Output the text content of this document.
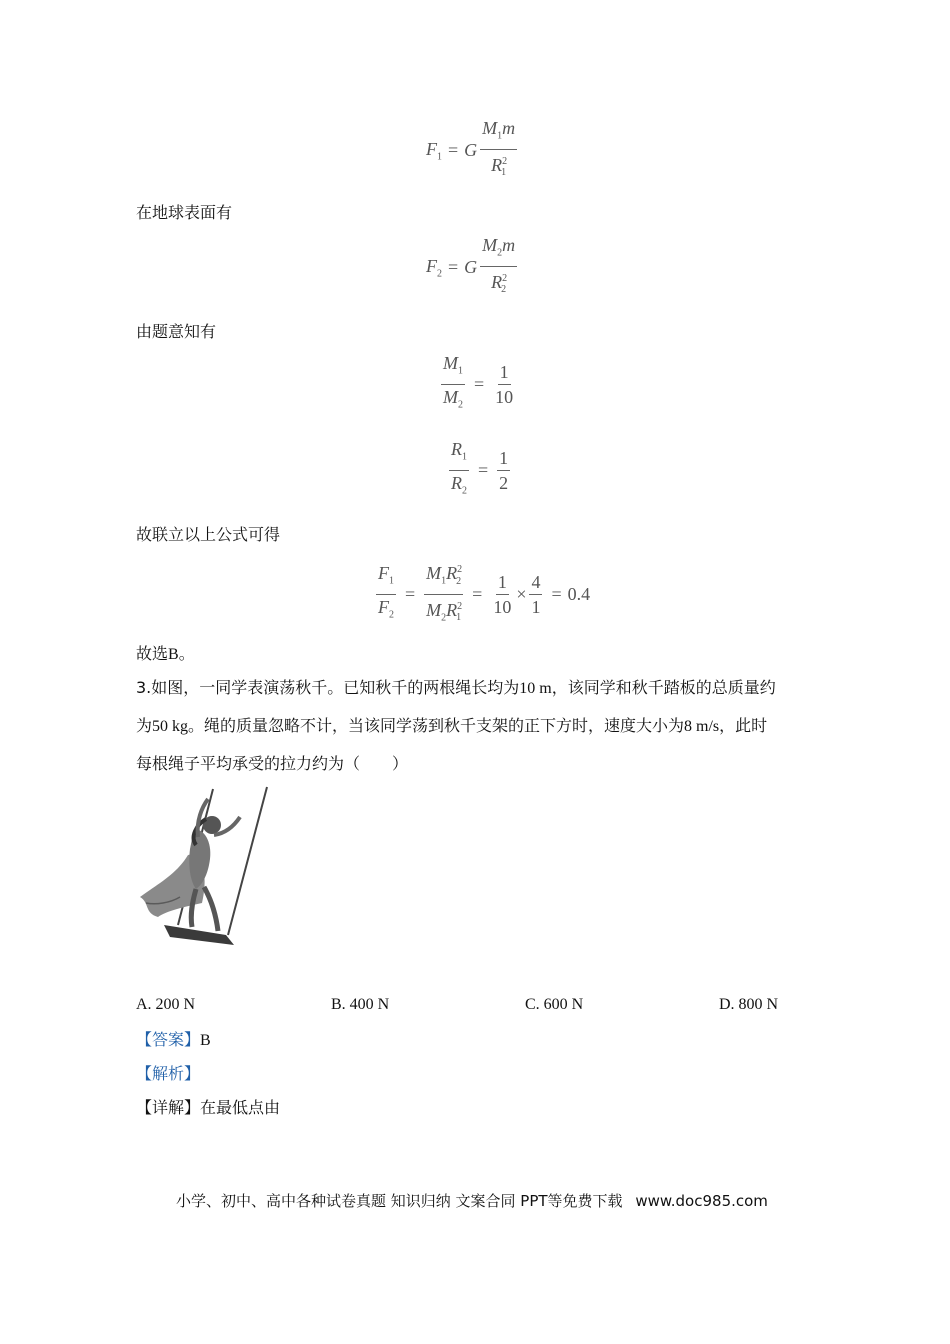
$F_1 = G \frac{M_1m}{R^2_1}$
在地球表面有
$F_2 = G \frac{M_2m}{R^2_2}$
由题意知有
$\frac{M_1}{M_2} = \frac{1}{10}$
$\frac{R_1}{R_2} = \frac{1}{2}$
故联立以上公式可得
$\frac{F_1}{F_2} = \frac{M_1R^2_2}{M_2R^2_1} = \frac{1}{10} \times \frac{4}{1} = 0.4$
故选B。
3.如图，一同学表演荡秋千。已知秋千的两根绳长均为10 m，该同学和秋千踏板的总质量约
为50 kg。绳的质量忽略不计，当该同学荡到秋千支架的正下方时，速度大小为8 m/s，此时
每根绳子平均承受的拉力约为（　　）
A. 200 N	B. 400 N	C. 600 N	D. 800 N
【答案】B
【解析】
【详解】在最低点由
小学、初中、高中各种试卷真题 知识归纳 文案合同 PPT等免费下载 www.doc985.com
